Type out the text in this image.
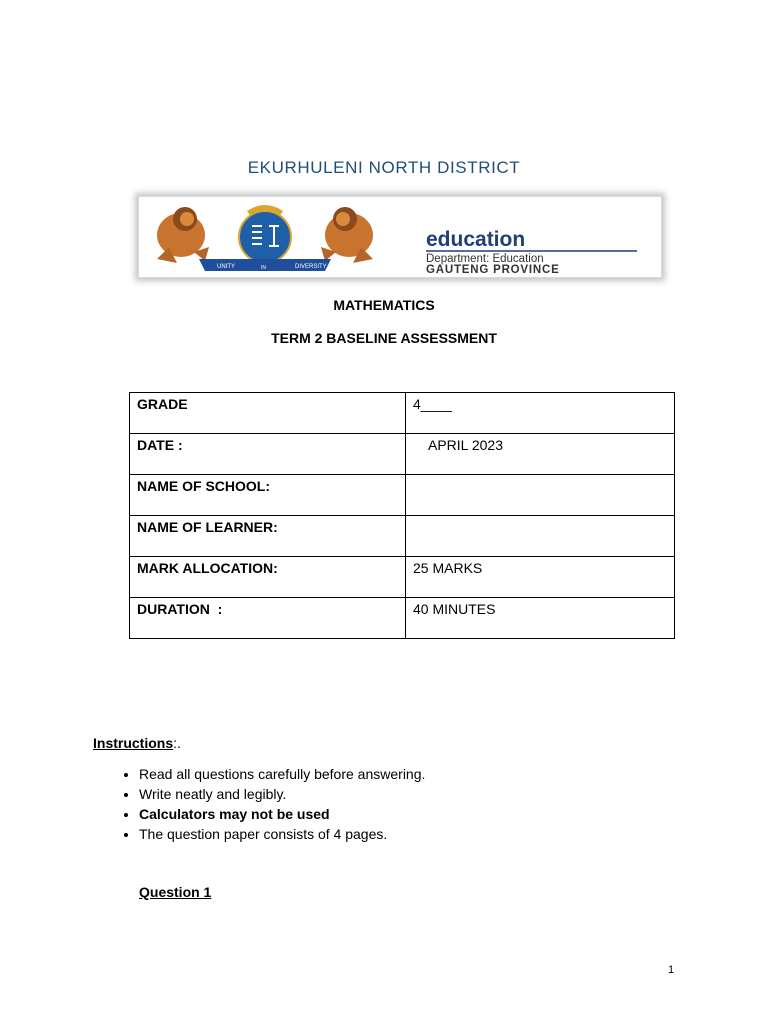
EKURHULENI NORTH DISTRICT
UNITY	IN	DIVERSITY
education
Department: Education
GAUTENG PROVINCE
MATHEMATICS
TERM 2 BASELINE ASSESSMENT
GRADE	4____
DATE :	APRIL 2023
NAME OF SCHOOL:	
NAME OF LEARNER:	
MARK ALLOCATION:	25 MARKS
DURATION  :	40 MINUTES
Instructions:.
• Read all questions carefully before answering.
• Write neatly and legibly.
• Calculators may not be used
• The question paper consists of 4 pages.
Question 1
1
